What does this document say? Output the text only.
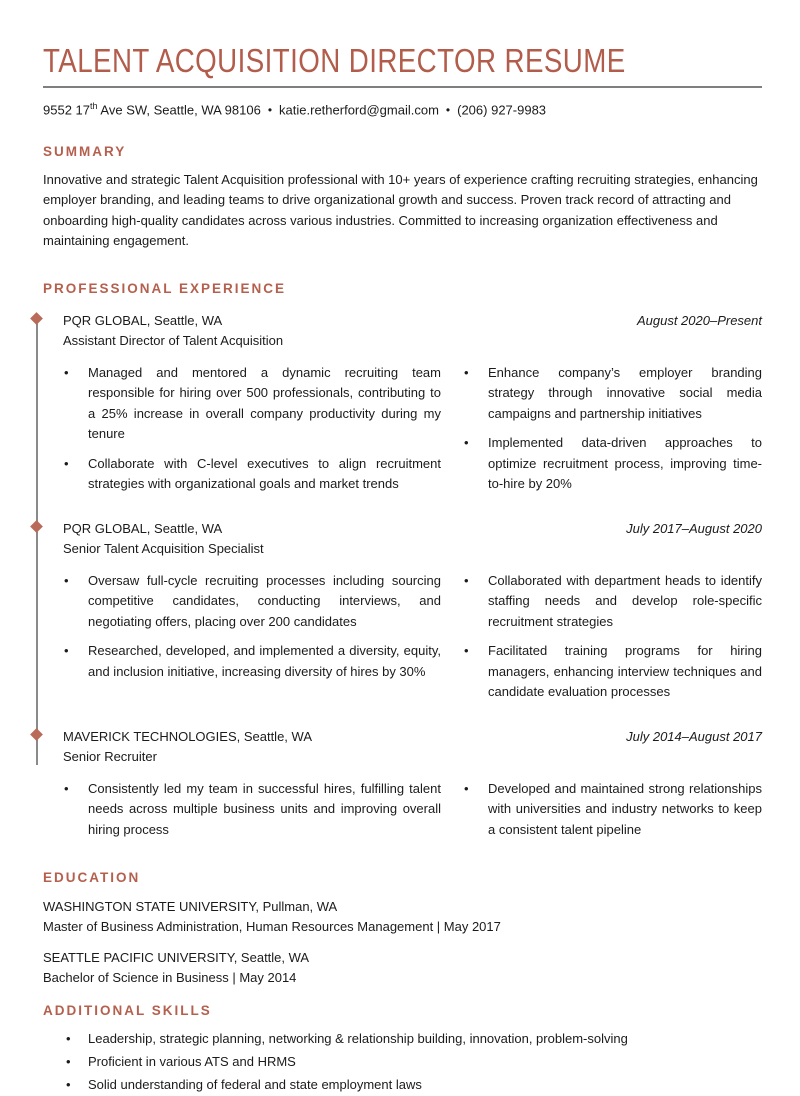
TALENT ACQUISITION DIRECTOR RESUME
9552 17th Ave SW, Seattle, WA 98106 • katie.retherford@gmail.com • (206) 927-9983
SUMMARY

Innovative and strategic Talent Acquisition professional with 10+ years of experience crafting recruiting strategies, enhancing employer branding, and leading teams to drive organizational growth and success. Proven track record of attracting and onboarding high-quality candidates across various industries. Committed to increasing organization effectiveness and maintaining engagement.

PROFESSIONAL EXPERIENCE
PQR GLOBAL, Seattle, WA
Assistant Director of Talent Acquisition
August 2020–Present
• Managed and mentored a dynamic recruiting team responsible for hiring over 500 professionals, contributing to a 25% increase in overall company productivity during my tenure
• Collaborate with C-level executives to align recruitment strategies with organizational goals and market trends
• Enhance company’s employer branding strategy through innovative social media campaigns and partnership initiatives
• Implemented data-driven approaches to optimize recruitment process, improving time-to-hire by 20%
PQR GLOBAL, Seattle, WA
Senior Talent Acquisition Specialist
July 2017–August 2020
• Oversaw full-cycle recruiting processes including sourcing competitive candidates, conducting interviews, and negotiating offers, placing over 200 candidates
• Researched, developed, and implemented a diversity, equity, and inclusion initiative, increasing diversity of hires by 30%
• Collaborated with department heads to identify staffing needs and develop role-specific recruitment strategies
• Facilitated training programs for hiring managers, enhancing interview techniques and candidate evaluation processes
MAVERICK TECHNOLOGIES, Seattle, WA
Senior Recruiter
July 2014–August 2017
• Consistently led my team in successful hires, fulfilling talent needs across multiple business units and improving overall hiring process
• Developed and maintained strong relationships with universities and industry networks to keep a consistent talent pipeline
EDUCATION
WASHINGTON STATE UNIVERSITY, Pullman, WA
Master of Business Administration, Human Resources Management | May 2017
SEATTLE PACIFIC UNIVERSITY, Seattle, WA
Bachelor of Science in Business | May 2014
ADDITIONAL SKILLS
• Leadership, strategic planning, networking & relationship building, innovation, problem-solving
• Proficient in various ATS and HRMS
• Solid understanding of federal and state employment laws
